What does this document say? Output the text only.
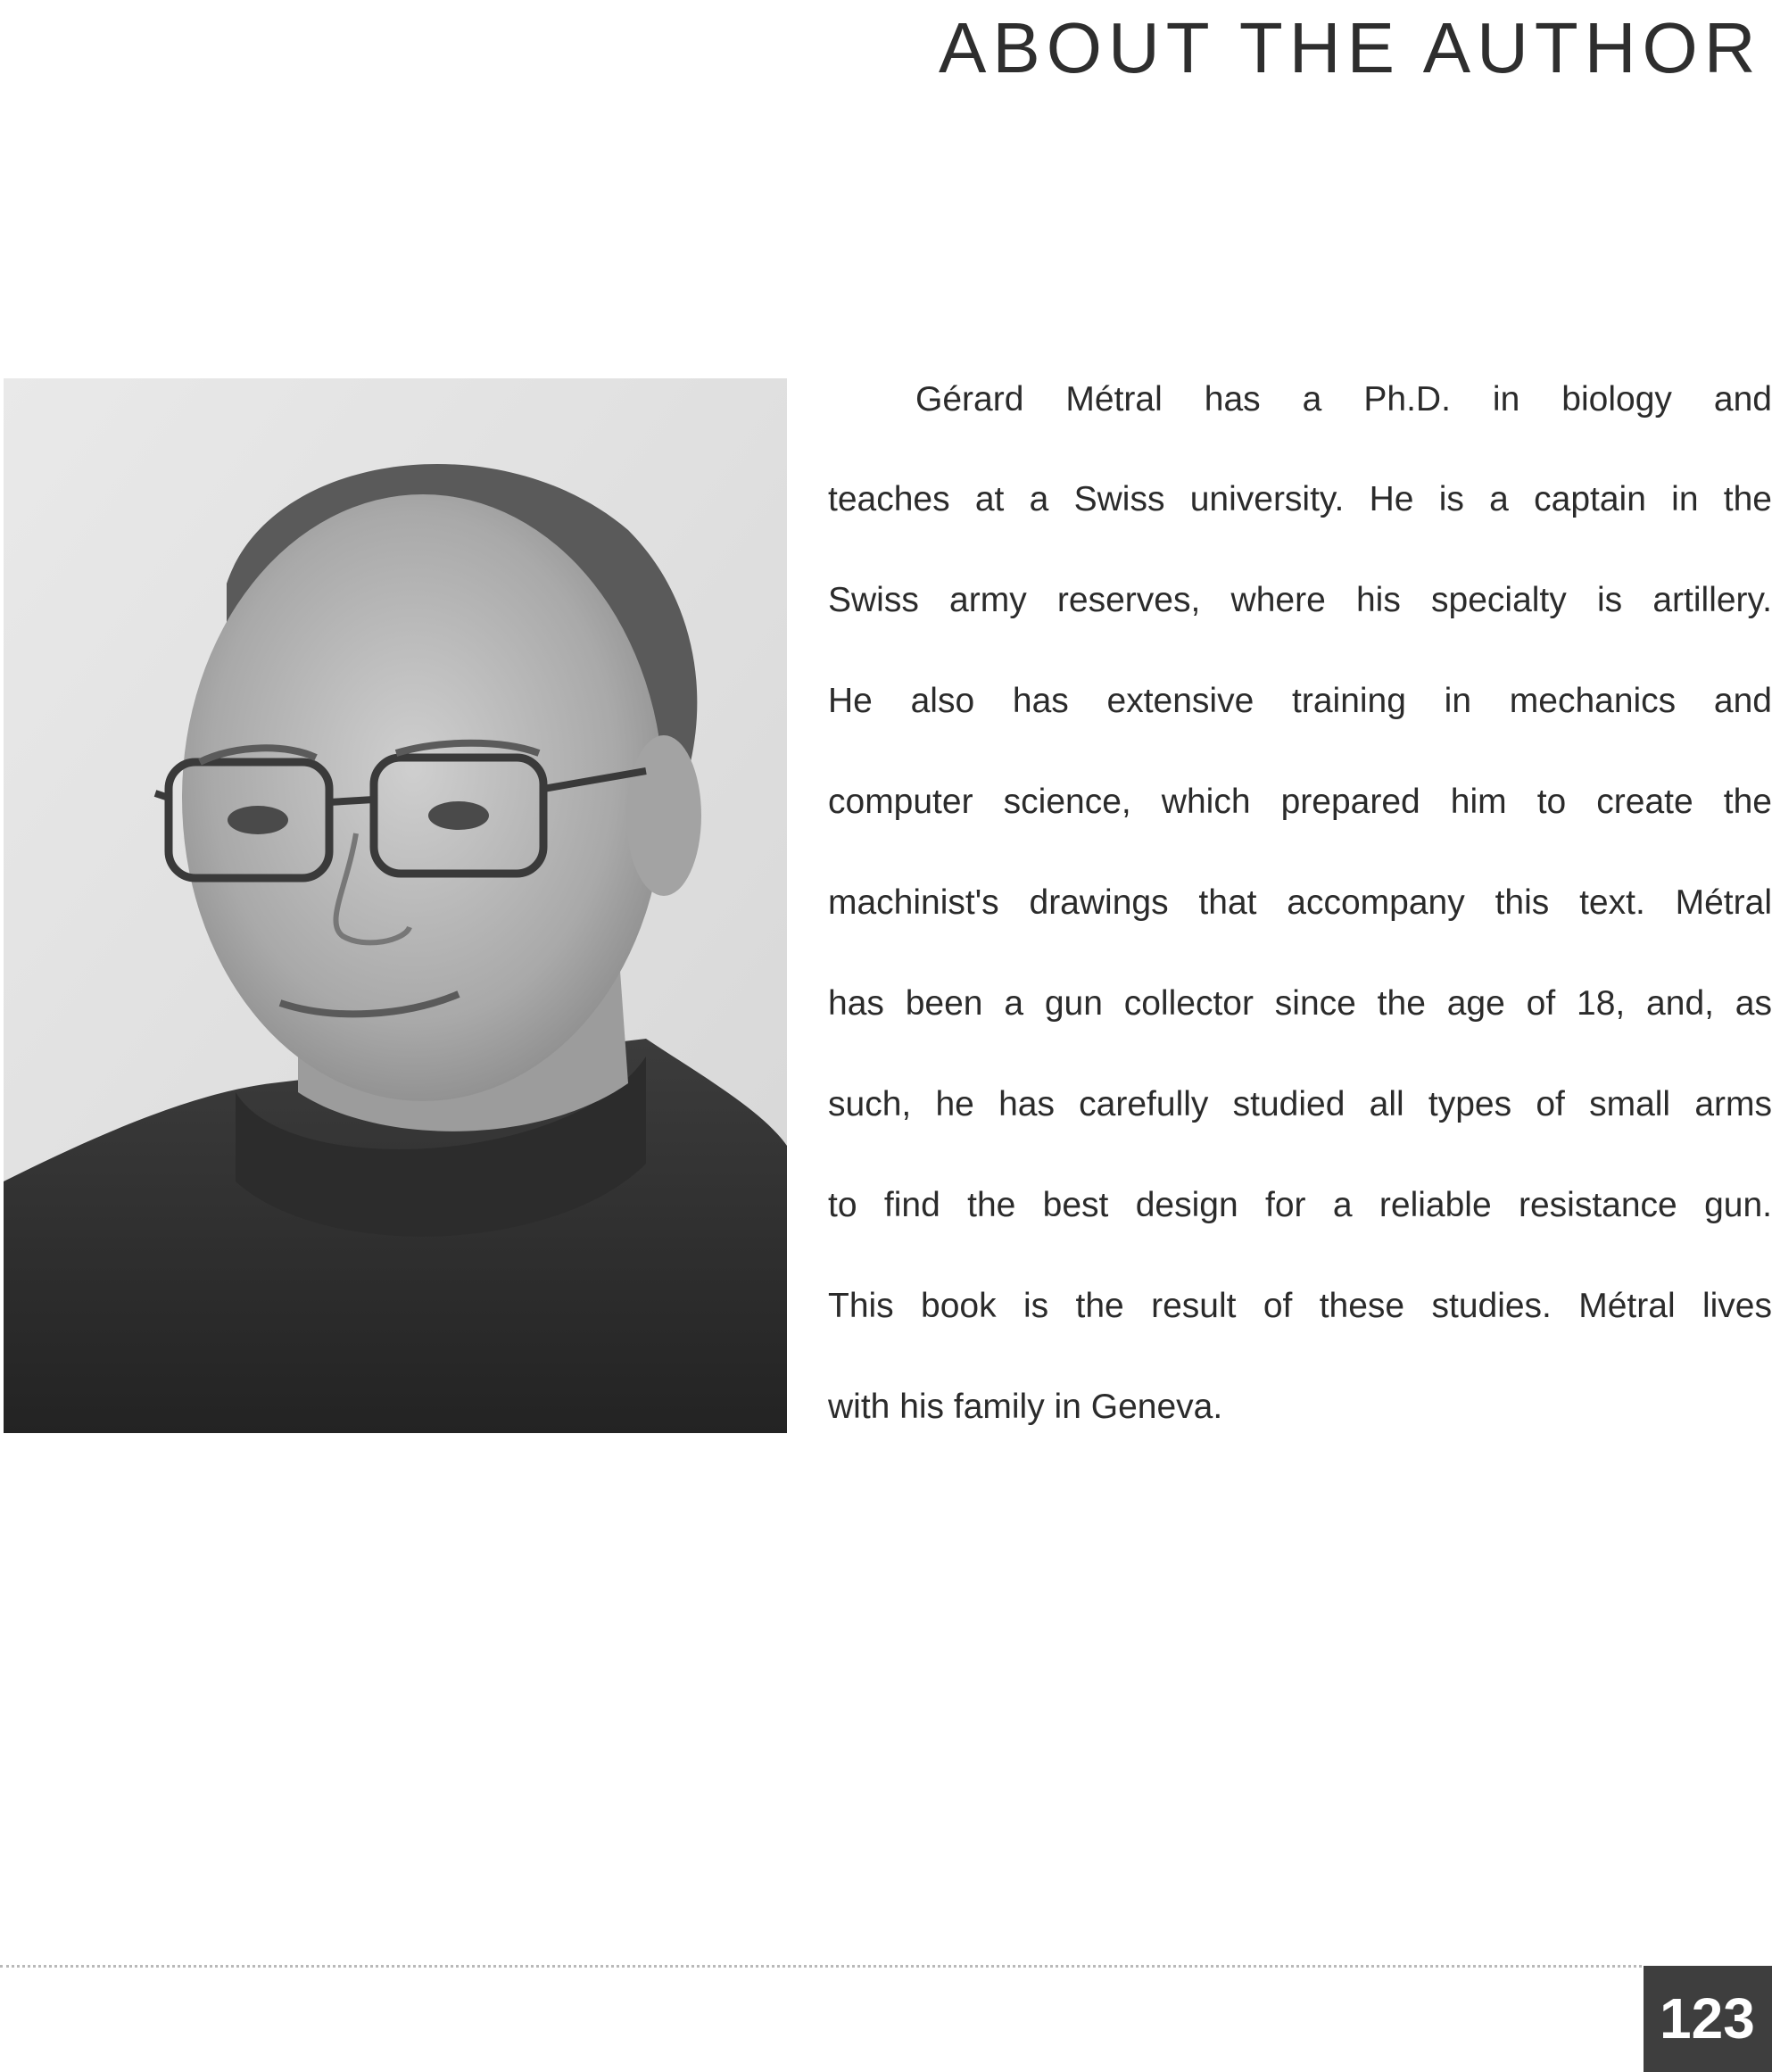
ABOUT THE AUTHOR
Gérard Métral has a Ph.D. in biology and
teaches at a Swiss university. He is a captain in the
Swiss army reserves, where his specialty is artillery.
He also has extensive training in mechanics and
computer science, which prepared him to create the
machinist's drawings that accompany this text. Métral
has been a gun collector since the age of 18, and, as
such, he has carefully studied all types of small arms
to find the best design for a reliable resistance gun.
This book is the result of these studies. Métral lives
with his family in Geneva.
123
